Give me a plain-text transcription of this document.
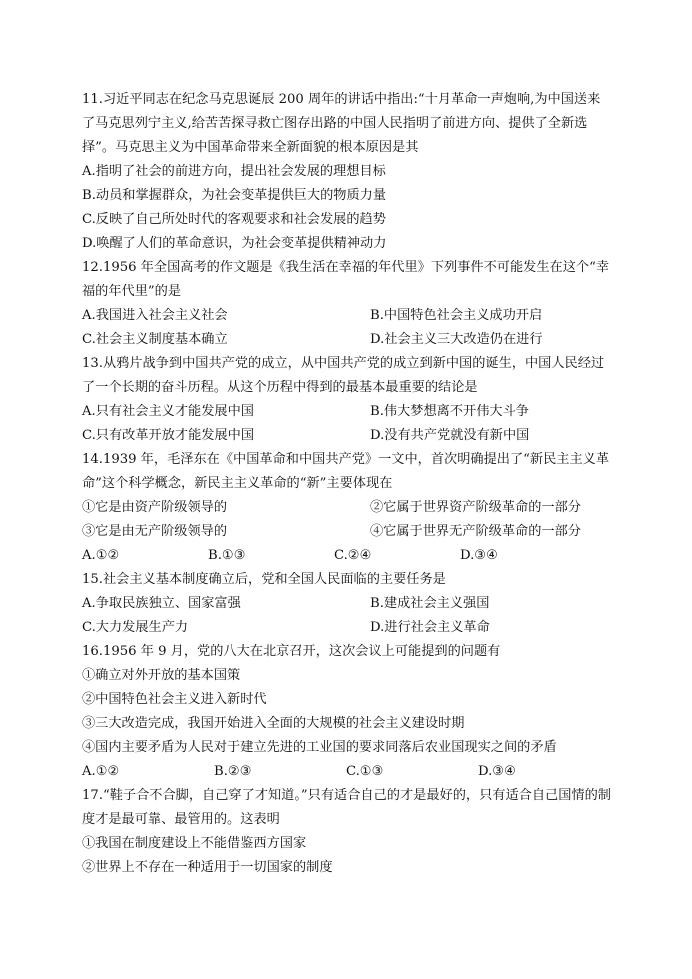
11.习近平同志在纪念马克思诞辰 200 周年的讲话中指出:“十月革命一声炮响,为中国送来了马克思列宁主义,给苦苦探寻救亡图存出路的中国人民指明了前进方向、提供了全新选择”。马克思主义为中国革命带来全新面貌的根本原因是其
A.指明了社会的前进方向，提出社会发展的理想目标
B.动员和掌握群众，为社会变革提供巨大的物质力量
C.反映了自己所处时代的客观要求和社会发展的趋势
D.唤醒了人们的革命意识，为社会变革提供精神动力
12.1956 年全国高考的作文题是《我生活在幸福的年代里》下列事件不可能发生在这个“幸福的年代里”的是
A.我国进入社会主义社会	B.中国特色社会主义成功开启
C.社会主义制度基本确立	D.社会主义三大改造仍在进行
13.从鸦片战争到中国共产党的成立，从中国共产党的成立到新中国的诞生，中国人民经过了一个长期的奋斗历程。从这个历程中得到的最基本最重要的结论是
A.只有社会主义才能发展中国	B.伟大梦想离不开伟大斗争
C.只有改革开放才能发展中国	D.没有共产党就没有新中国
14.1939 年，毛泽东在《中国革命和中国共产党》一文中，首次明确提出了“新民主主义革命”这个科学概念，新民主主义革命的“新”主要体现在
①它是由资产阶级领导的	②它属于世界资产阶级革命的一部分
③它是由无产阶级领导的	④它属于世界无产阶级革命的一部分
A.①②	B.①③	C.②④	D.③④
15.社会主义基本制度确立后，党和全国人民面临的主要任务是
A.争取民族独立、国家富强	B.建成社会主义强国
C.大力发展生产力	D.进行社会主义革命
16.1956 年 9 月，党的八大在北京召开，这次会议上可能提到的问题有
①确立对外开放的基本国策
②中国特色社会主义进入新时代
③三大改造完成，我国开始进入全面的大规模的社会主义建设时期
④国内主要矛盾为人民对于建立先进的工业国的要求同落后农业国现实之间的矛盾
A.①②	B.②③	C.①③	D.③④
17.“鞋子合不合脚，自己穿了才知道。”只有适合自己的才是最好的，只有适合自己国情的制度才是最可靠、最管用的。这表明
①我国在制度建设上不能借鉴西方国家
②世界上不存在一种适用于一切国家的制度
